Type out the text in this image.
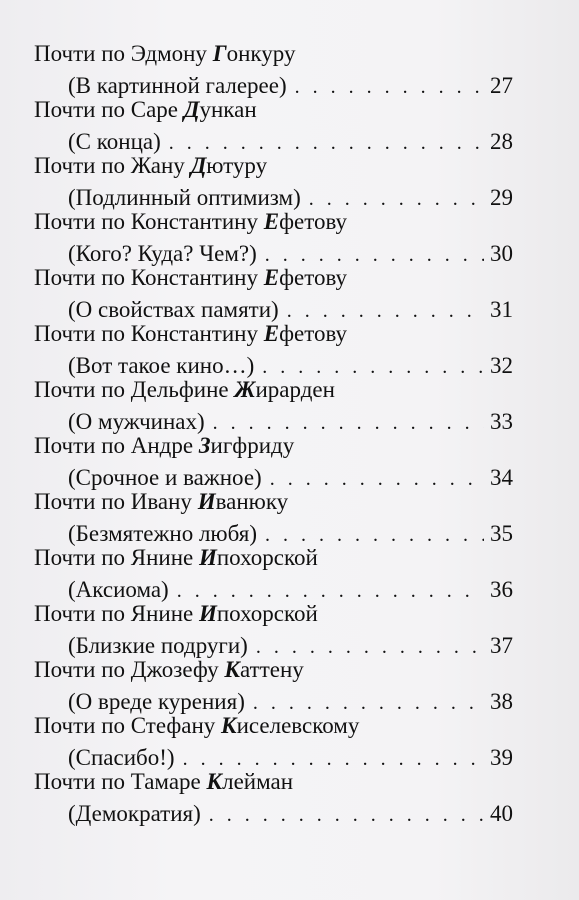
Почти по Эдмону Гонкуру
(В картинной галерее) . . .	27
Почти по Саре Дункан
(С конца) . . .	28
Почти по Жану Дютуру
(Подлинный оптимизм) . . .	29
Почти по Константину Ефетову
(Кого? Куда? Чем?) . . .	30
Почти по Константину Ефетову
(О свойствах памяти) . . .	31
Почти по Константину Ефетову
(Вот такое кино…) . . .	32
Почти по Дельфине Жирарден
(О мужчинах) . . .	33
Почти по Андре Зигфриду
(Срочное и важное) . . .	34
Почти по Ивану Иванюку
(Безмятежно любя) . . .	35
Почти по Янине Ипохорской
(Аксиома) . . .	36
Почти по Янине Ипохорской
(Близкие подруги) . . .	37
Почти по Джозефу Каттену
(О вреде курения) . . .	38
Почти по Стефану Киселевскому
(Спасибо!) . . .	39
Почти по Тамаре Клейман
(Демократия) . . .	40
